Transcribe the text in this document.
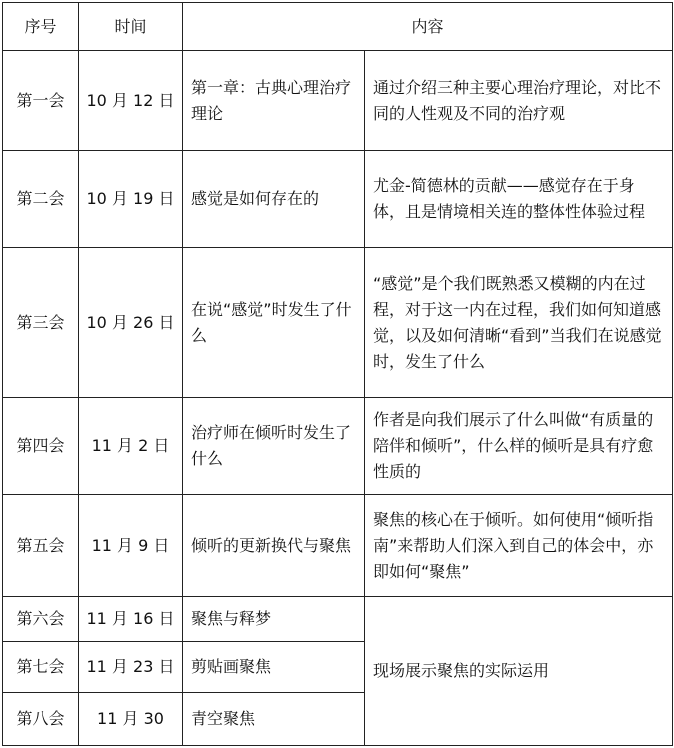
序号	时间	内容	
第一会	10 月 12 日	第一章：古典心理治疗理论	通过介绍三种主要心理治疗理论，对比不同的人性观及不同的治疗观
第二会	10 月 19 日	感觉是如何存在的	尤金-简德林的贡献——感觉存在于身体，且是情境相关连的整体性体验过程
第三会	10 月 26 日	在说“感觉”时发生了什么	“感觉”是个我们既熟悉又模糊的内在过程，对于这一内在过程，我们如何知道感觉，以及如何清晰“看到”当我们在说感觉时，发生了什么
第四会	11 月 2 日	治疗师在倾听时发生了什么	作者是向我们展示了什么叫做“有质量的陪伴和倾听”，什么样的倾听是具有疗愈性质的
第五会	11 月 9 日	倾听的更新换代与聚焦	聚焦的核心在于倾听。如何使用“倾听指南”来帮助人们深入到自己的体会中，亦即如何“聚焦”
第六会	11 月 16 日	聚焦与释梦	现场展示聚焦的实际运用
第七会	11 月 23 日	剪贴画聚焦	
第八会	11 月 30	青空聚焦	
